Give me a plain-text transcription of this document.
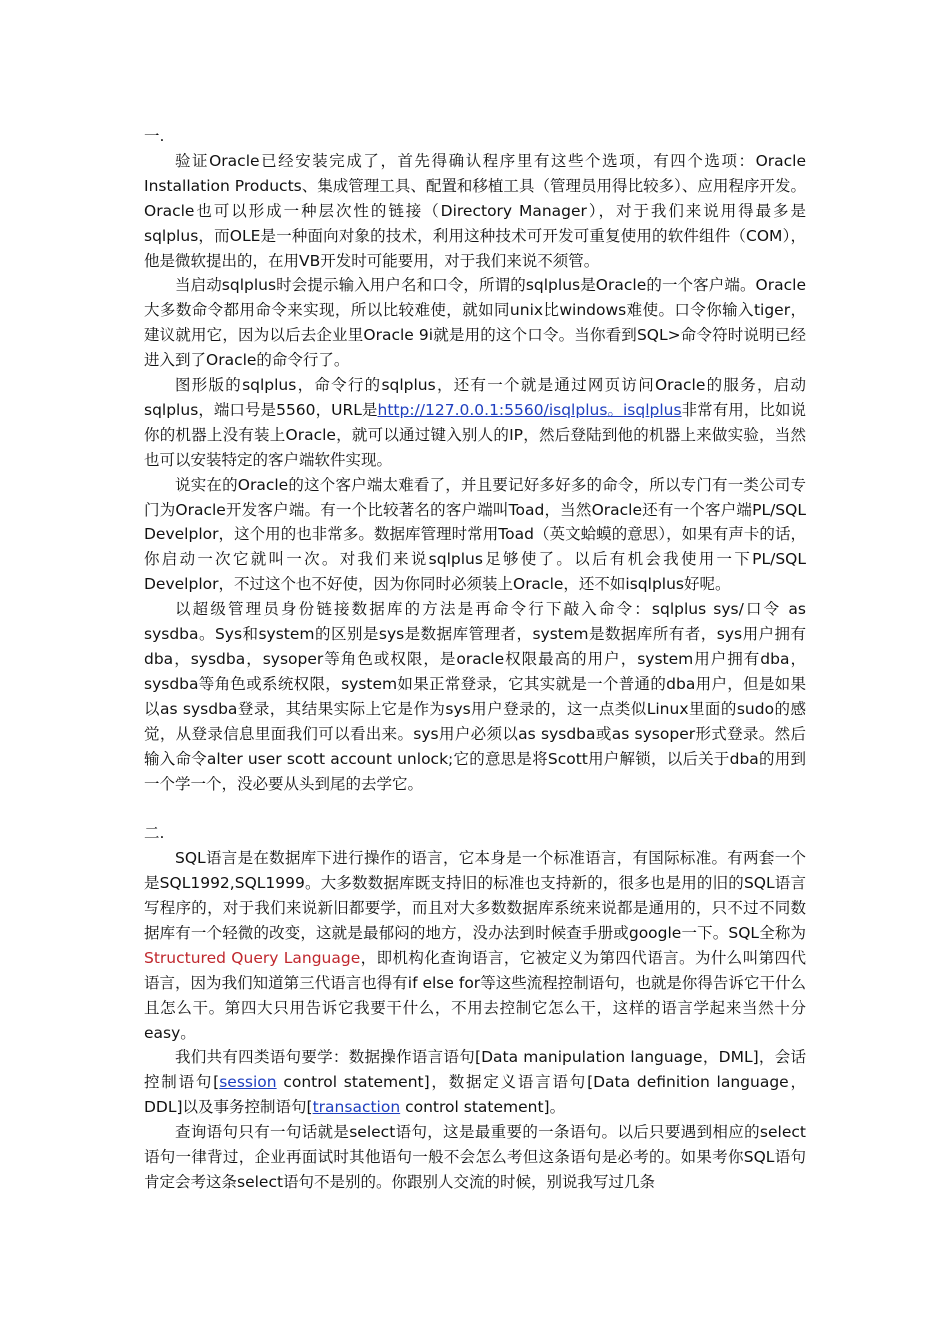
一.

验证Oracle已经安装完成了，首先得确认程序里有这些个选项，有四个选项：Oracle Installation Products、集成管理工具、配置和移植工具（管理员用得比较多）、应用程序开发。Oracle也可以形成一种层次性的链接（Directory Manager），对于我们来说用得最多是sqlplus，而OLE是一种面向对象的技术，利用这种技术可开发可重复使用的软件组件（COM），他是微软提出的，在用VB开发时可能要用，对于我们来说不须管。

当启动sqlplus时会提示输入用户名和口令，所谓的sqlplus是Oracle的一个客户端。Oracle大多数命令都用命令来实现，所以比较难使，就如同unix比windows难使。口令你输入tiger，建议就用它，因为以后去企业里Oracle 9i就是用的这个口令。当你看到SQL>命令符时说明已经进入到了Oracle的命令行了。

图形版的sqlplus，命令行的sqlplus，还有一个就是通过网页访问Oracle的服务，启动sqlplus，端口号是5560，URL是http://127.0.0.1:5560/isqlplus。isqlplus非常有用，比如说你的机器上没有装上Oracle，就可以通过键入别人的IP，然后登陆到他的机器上来做实验，当然也可以安装特定的客户端软件实现。

说实在的Oracle的这个客户端太难看了，并且要记好多好多的命令，所以专门有一类公司专门为Oracle开发客户端。有一个比较著名的客户端叫Toad，当然Oracle还有一个客户端PL/SQL Develplor，这个用的也非常多。数据库管理时常用Toad（英文蛤蟆的意思），如果有声卡的话，你启动一次它就叫一次。对我们来说sqlplus足够使了。以后有机会我使用一下PL/SQL Develplor，不过这个也不好使，因为你同时必须装上Oracle，还不如isqlplus好呢。

以超级管理员身份链接数据库的方法是再命令行下敲入命令：sqlplus sys/口令 as sysdba。Sys和system的区别是sys是数据库管理者，system是数据库所有者，sys用户拥有dba，sysdba，sysoper等角色或权限，是oracle权限最高的用户，system用户拥有dba，sysdba等角色或系统权限，system如果正常登录，它其实就是一个普通的dba用户，但是如果以as sysdba登录，其结果实际上它是作为sys用户登录的，这一点类似Linux里面的sudo的感觉，从登录信息里面我们可以看出来。sys用户必须以as sysdba或as sysoper形式登录。然后输入命令alter user scott account unlock;它的意思是将Scott用户解锁，以后关于dba的用到一个学一个，没必要从头到尾的去学它。

二.

SQL语言是在数据库下进行操作的语言，它本身是一个标准语言，有国际标准。有两套一个是SQL1992,SQL1999。大多数数据库既支持旧的标准也支持新的，很多也是用的旧的SQL语言写程序的，对于我们来说新旧都要学，而且对大多数数据库系统来说都是通用的，只不过不同数据库有一个轻微的改变，这就是最郁闷的地方，没办法到时候查手册或google一下。SQL全称为Structured Query Language，即机构化查询语言，它被定义为第四代语言。为什么叫第四代语言，因为我们知道第三代语言也得有if else for等这些流程控制语句，也就是你得告诉它干什么且怎么干。第四大只用告诉它我要干什么，不用去控制它怎么干，这样的语言学起来当然十分easy。

我们共有四类语句要学：数据操作语言语句[Data manipulation language，DML]，会话控制语句[session control statement]，数据定义语言语句[Data definition language，DDL]以及事务控制语句[transaction control statement]。

查询语句只有一句话就是select语句，这是最重要的一条语句。以后只要遇到相应的select语句一律背过，企业再面试时其他语句一般不会怎么考但这条语句是必考的。如果考你SQL语句肯定会考这条select语句不是别的。你跟别人交流的时候，别说我写过几条
